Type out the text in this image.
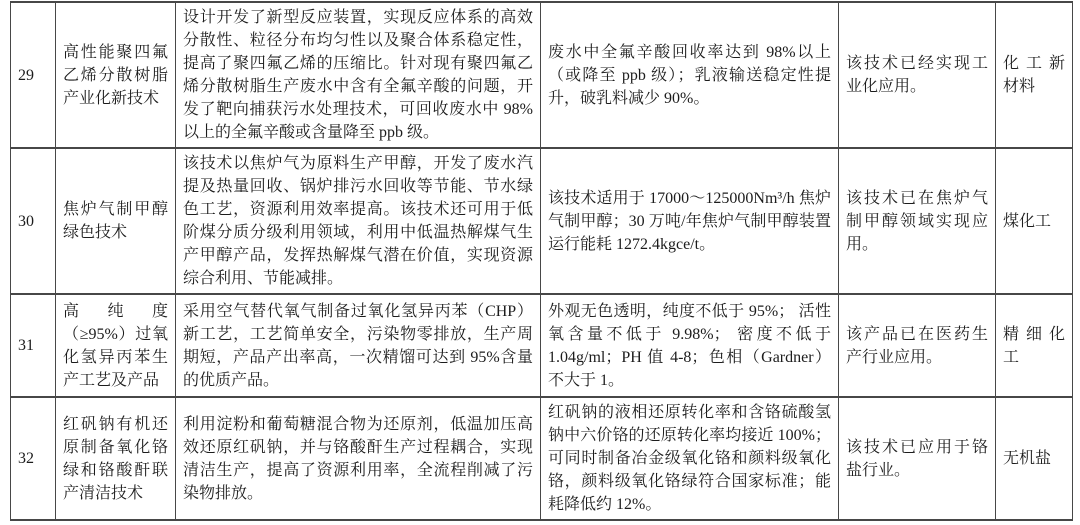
29	高性能聚四氟乙烯分散树脂产业化新技术	设计开发了新型反应装置，实现反应体系的高效分散性、粒径分布均匀性以及聚合体系稳定性，提高了聚四氟乙烯的压缩比。针对现有聚四氟乙烯分散树脂生产废水中含有全氟辛酸的问题，开发了靶向捕获污水处理技术，可回收废水中 98%以上的全氟辛酸或含量降至 ppb 级。	废水中全氟辛酸回收率达到 98%以上（或降至 ppb 级）；乳液输送稳定性提升，破乳料减少 90%。	该技术已经实现工业化应用。	化工新材料
30	焦炉气制甲醇绿色技术	该技术以焦炉气为原料生产甲醇，开发了废水汽提及热量回收、锅炉排污水回收等节能、节水绿色工艺，资源利用效率提高。该技术还可用于低阶煤分质分级利用领域，利用中低温热解煤气生产甲醇产品，发挥热解煤气潜在价值，实现资源综合利用、节能减排。	该技术适用于 17000～125000Nm³/h 焦炉气制甲醇；30 万吨/年焦炉气制甲醇装置运行能耗 1272.4kgce/t。	该技术已在焦炉气制甲醇领域实现应用。	煤化工
31	高纯度（≥95%）过氧化氢异丙苯生产工艺及产品	采用空气替代氧气制备过氧化氢异丙苯（CHP）新工艺，工艺简单安全，污染物零排放，生产周期短，产品产出率高，一次精馏可达到 95%含量的优质产品。	外观无色透明，纯度不低于 95%； 活性氧含量不低于 9.98%； 密度不低于 1.04g/ml；PH 值 4-8；色相（Gardner）不大于 1。	该产品已在医药生产行业应用。	精细化工
32	红矾钠有机还原制备氧化铬绿和铬酸酐联产清洁技术	利用淀粉和葡萄糖混合物为还原剂，低温加压高效还原红矾钠，并与铬酸酐生产过程耦合，实现清洁生产，提高了资源利用率，全流程削减了污染物排放。	红矾钠的液相还原转化率和含铬硫酸氢钠中六价铬的还原转化率均接近 100%；可同时制备冶金级氧化铬和颜料级氧化铬，颜料级氧化铬绿符合国家标准；能耗降低约 12%。	该技术已应用于铬盐行业。	无机盐
